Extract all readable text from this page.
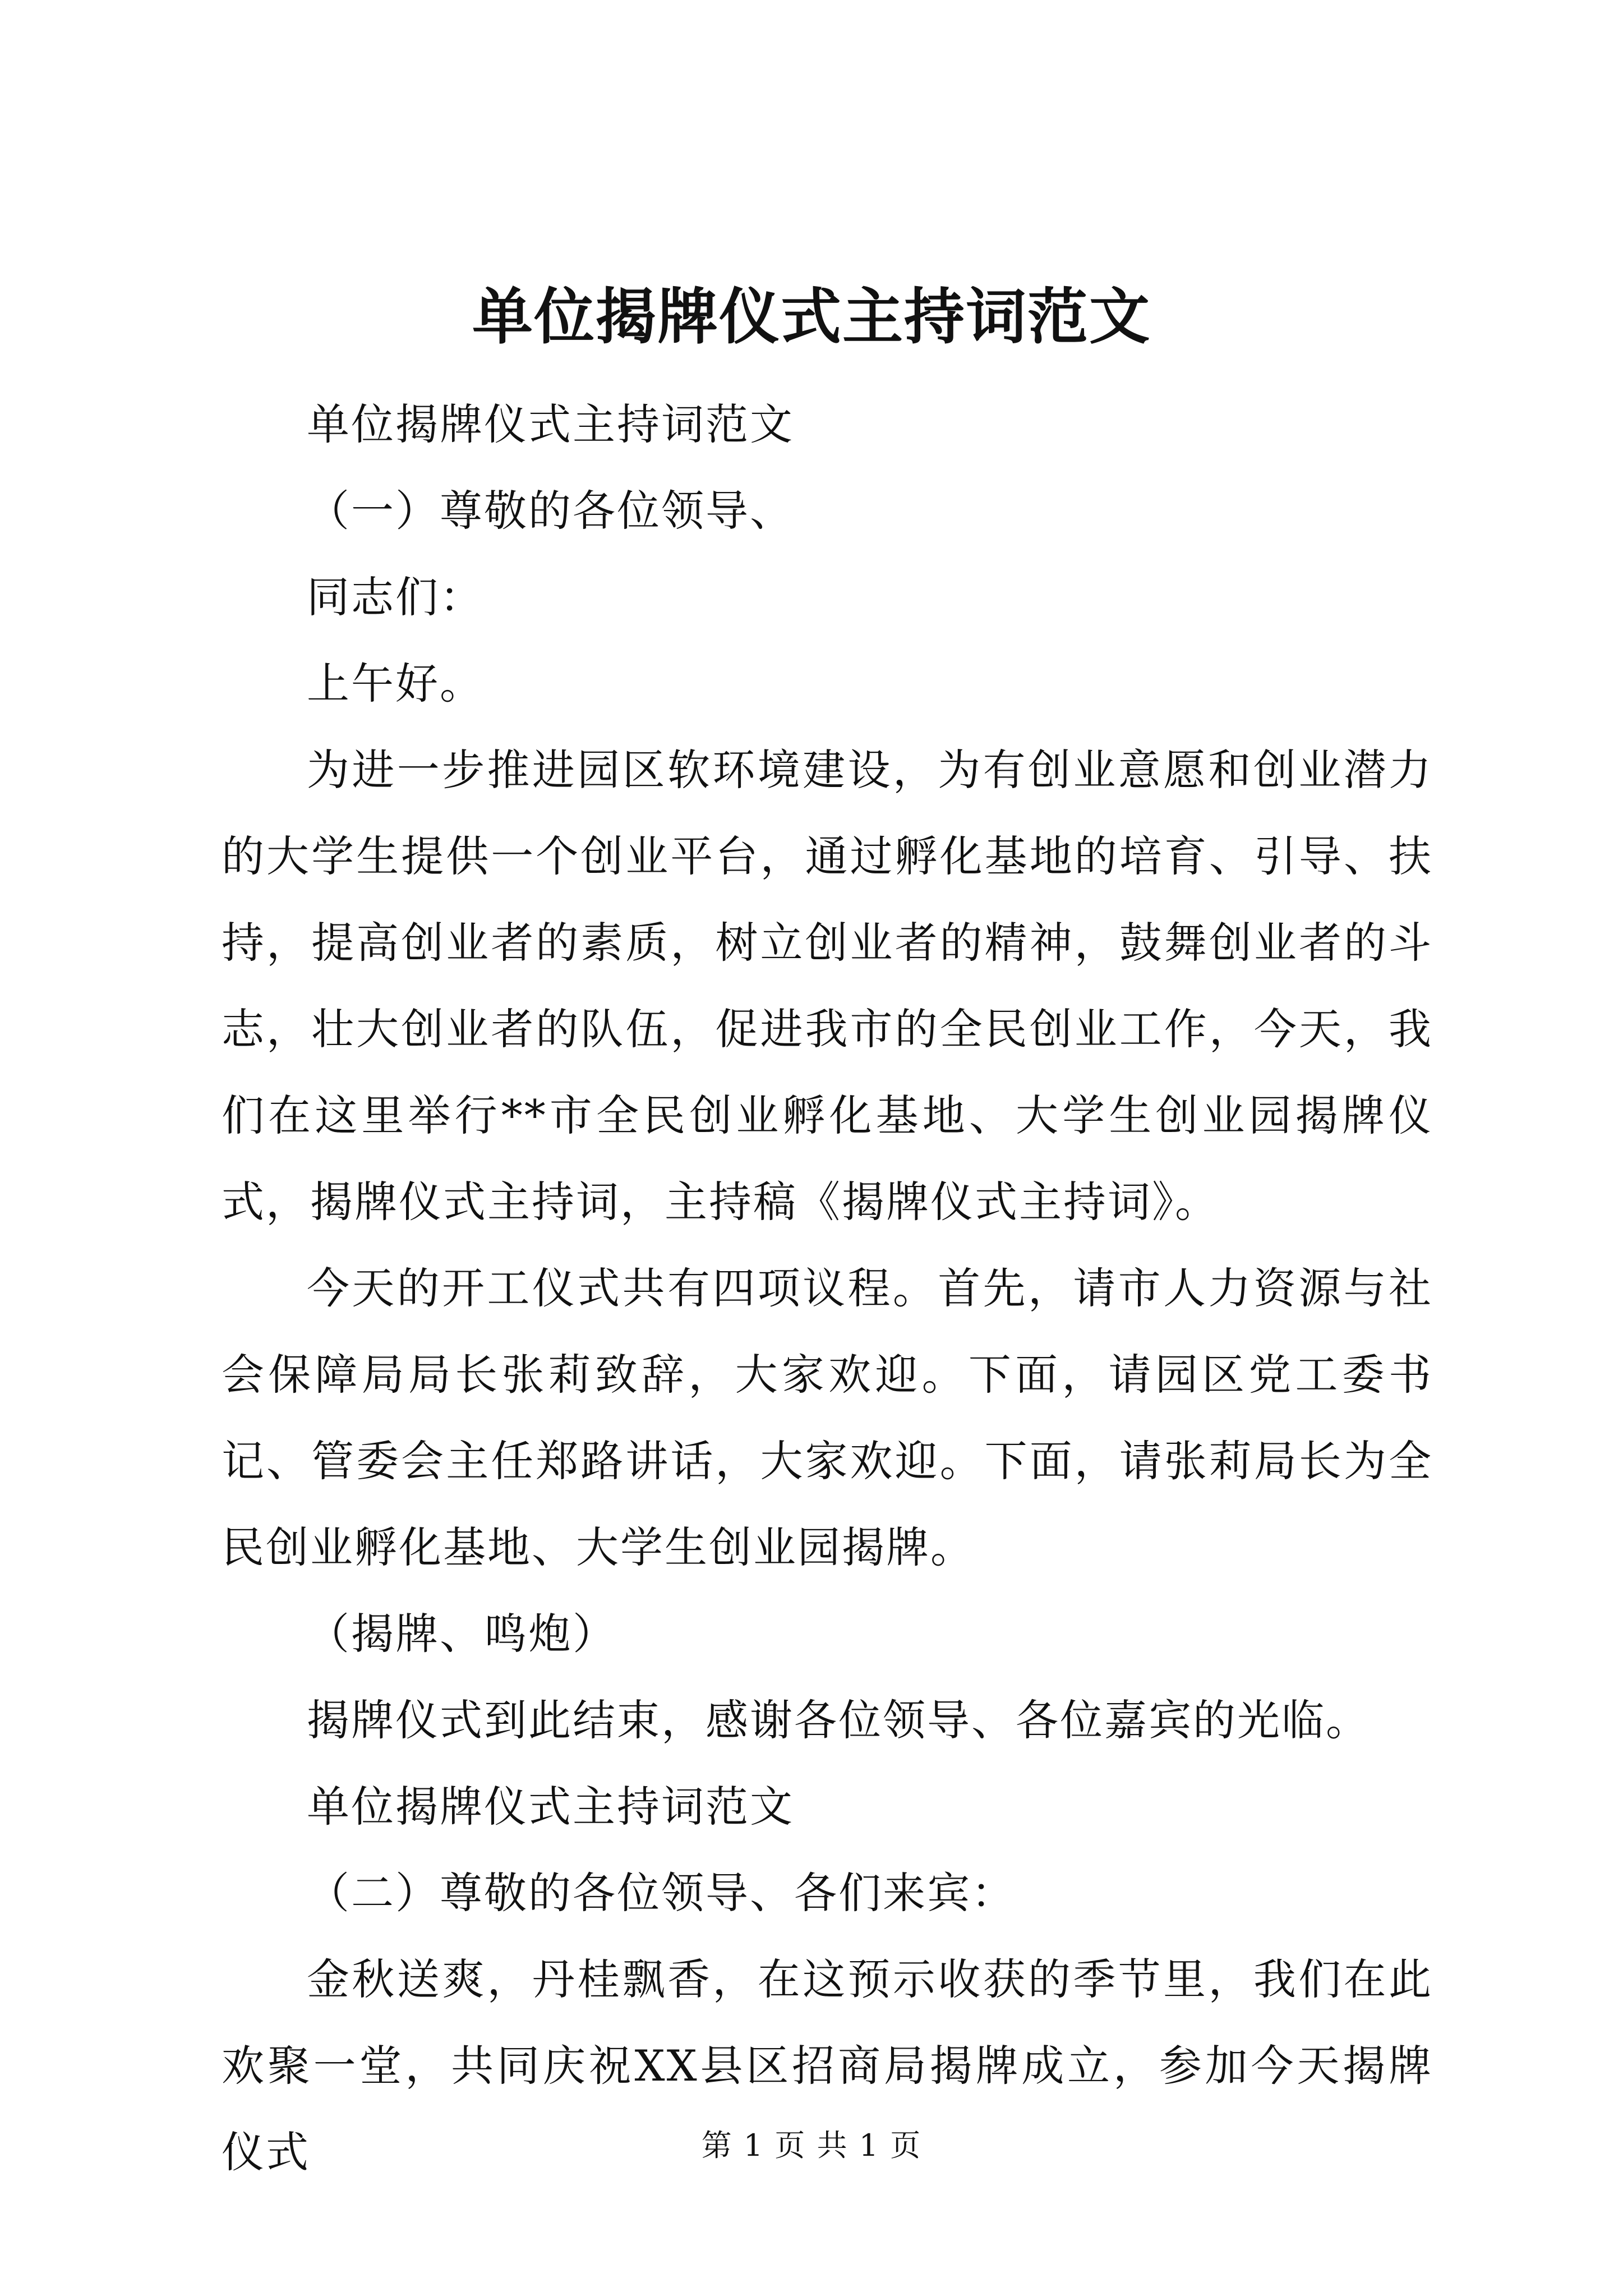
单位揭牌仪式主持词范文

单位揭牌仪式主持词范文

（一）尊敬的各位领导、

同志们：

上午好。

为进一步推进园区软环境建设，为有创业意愿和创业潜力的大学生提供一个创业平台，通过孵化基地的培育、引导、扶持，提高创业者的素质，树立创业者的精神，鼓舞创业者的斗志，壮大创业者的队伍，促进我市的全民创业工作，今天，我们在这里举行**市全民创业孵化基地、大学生创业园揭牌仪式，揭牌仪式主持词，主持稿《揭牌仪式主持词》。

今天的开工仪式共有四项议程。首先，请市人力资源与社会保障局局长张莉致辞，大家欢迎。下面，请园区党工委书记、管委会主任郑路讲话，大家欢迎。下面，请张莉局长为全民创业孵化基地、大学生创业园揭牌。

（揭牌、鸣炮）

揭牌仪式到此结束，感谢各位领导、各位嘉宾的光临。

单位揭牌仪式主持词范文

（二）尊敬的各位领导、各们来宾：

金秋送爽，丹桂飘香，在这预示收获的季节里，我们在此欢聚一堂，共同庆祝XX县区招商局揭牌成立，参加今天揭牌仪式	第 1 页 共 1 页
